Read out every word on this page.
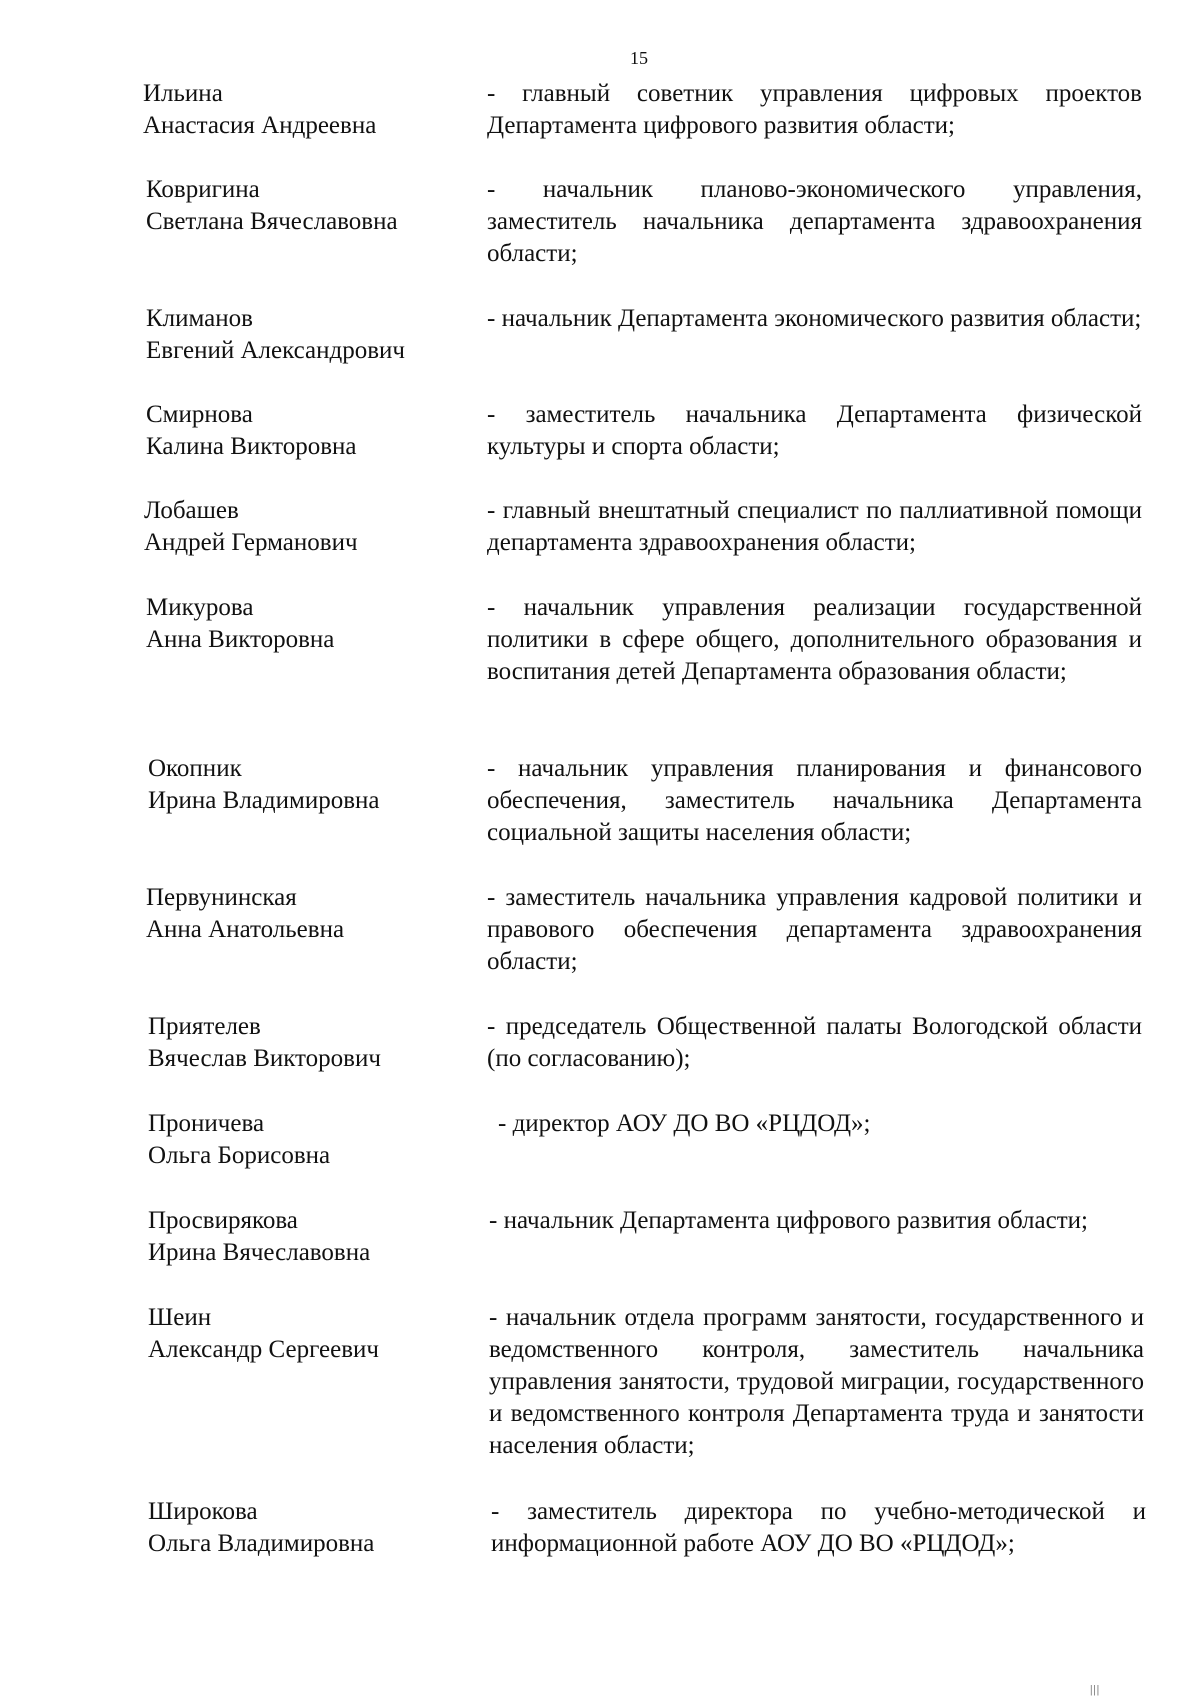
15
Ильина
Анастасия Андреевна
- главный советник управления цифровых проектов Департамента цифрового развития области;
Ковригина
Светлана Вячеславовна
- начальник планово-экономического управления, заместитель начальника департамента здравоохранения области;
Климанов
Евгений Александрович
- начальник Департамента экономического развития области;
Смирнова
Калина Викторовна
- заместитель начальника Департамента физической культуры и спорта области;
Лобашев
Андрей Германович
- главный внештатный специалист по паллиативной помощи департамента здравоохранения области;
Микурова
Анна Викторовна
- начальник управления реализации государственной политики в сфере общего, дополнительного образования и воспитания детей Департамента образования области;
Окопник
Ирина Владимировна
- начальник управления планирования и финансового обеспечения, заместитель начальника Департамента социальной защиты населения области;
Первунинская
Анна Анатольевна
- заместитель начальника управления кадровой политики и правового обеспечения департамента здравоохранения области;
Приятелев
Вячеслав Викторович
- председатель Общественной палаты Вологодской области (по согласованию);
Проничева
Ольга Борисовна
- директор АОУ ДО ВО «РЦДОД»;
Просвирякова
Ирина Вячеславовна
- начальник Департамента цифрового развития области;
Шеин
Александр Сергеевич
- начальник отдела программ занятости, государственного и ведомственного контроля, заместитель начальника управления занятости, трудовой миграции, государственного и ведомственного контроля Департамента труда и занятости населения области;
Широкова
Ольга Владимировна
- заместитель директора по учебно-методической и информационной работе АОУ ДО ВО «РЦДОД»;
|||
